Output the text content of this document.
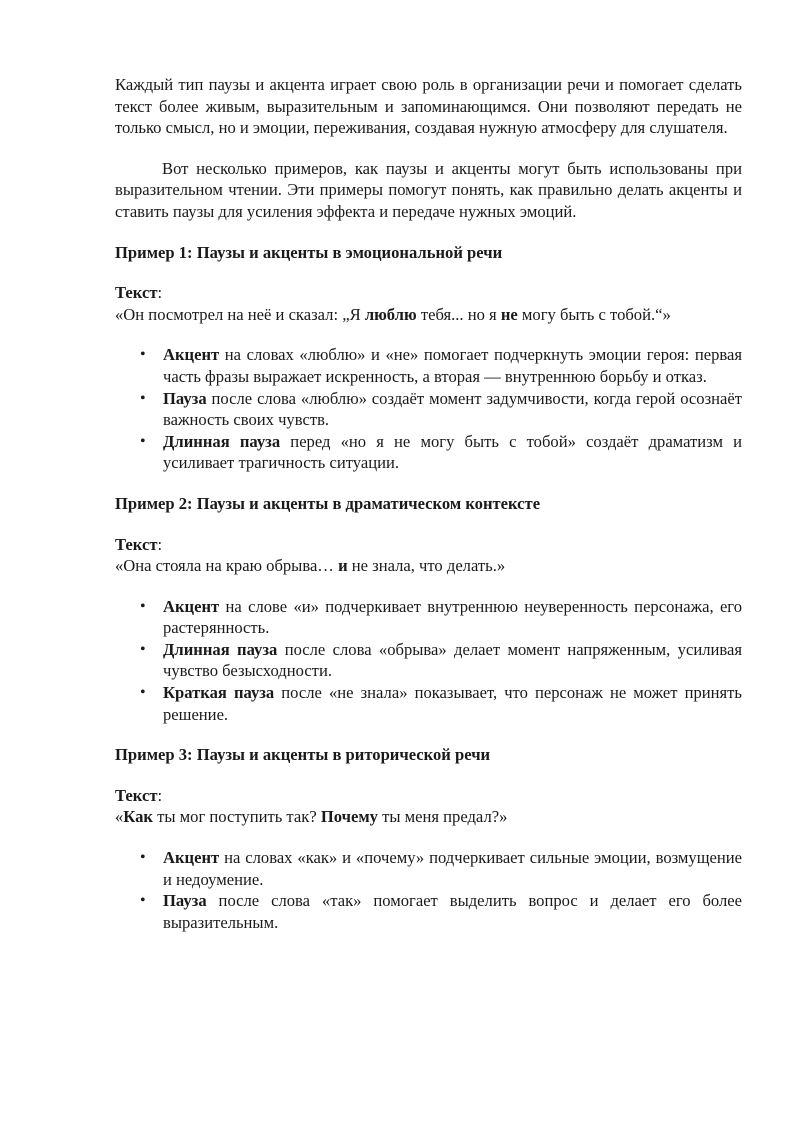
Каждый тип паузы и акцента играет свою роль в организации речи и помогает сделать текст более живым, выразительным и запоминающимся. Они позволяют передать не только смысл, но и эмоции, переживания, создавая нужную атмосферу для слушателя.

Вот несколько примеров, как паузы и акценты могут быть использованы при выразительном чтении. Эти примеры помогут понять, как правильно делать акценты и ставить паузы для усиления эффекта и передаче нужных эмоций.

Пример 1: Паузы и акценты в эмоциональной речи

Текст:

«Он посмотрел на неё и сказал: „Я люблю тебя... но я не могу быть с тобой.“»

• Акцент на словах «люблю» и «не» помогает подчеркнуть эмоции героя: первая часть фразы выражает искренность, а вторая — внутреннюю борьбу и отказ.
• Пауза после слова «люблю» создаёт момент задумчивости, когда герой осознаёт важность своих чувств.
• Длинная пауза перед «но я не могу быть с тобой» создаёт драматизм и усиливает трагичность ситуации.

Пример 2: Паузы и акценты в драматическом контексте

Текст:

«Она стояла на краю обрыва… и не знала, что делать.»

• Акцент на слове «и» подчеркивает внутреннюю неуверенность персонажа, его растерянность.
• Длинная пауза после слова «обрыва» делает момент напряженным, усиливая чувство безысходности.
• Краткая пауза после «не знала» показывает, что персонаж не может принять решение.

Пример 3: Паузы и акценты в риторической речи

Текст:

«Как ты мог поступить так? Почему ты меня предал?»

• Акцент на словах «как» и «почему» подчеркивает сильные эмоции, возмущение и недоумение.
• Пауза после слова «так» помогает выделить вопрос и делает его более выразительным.
